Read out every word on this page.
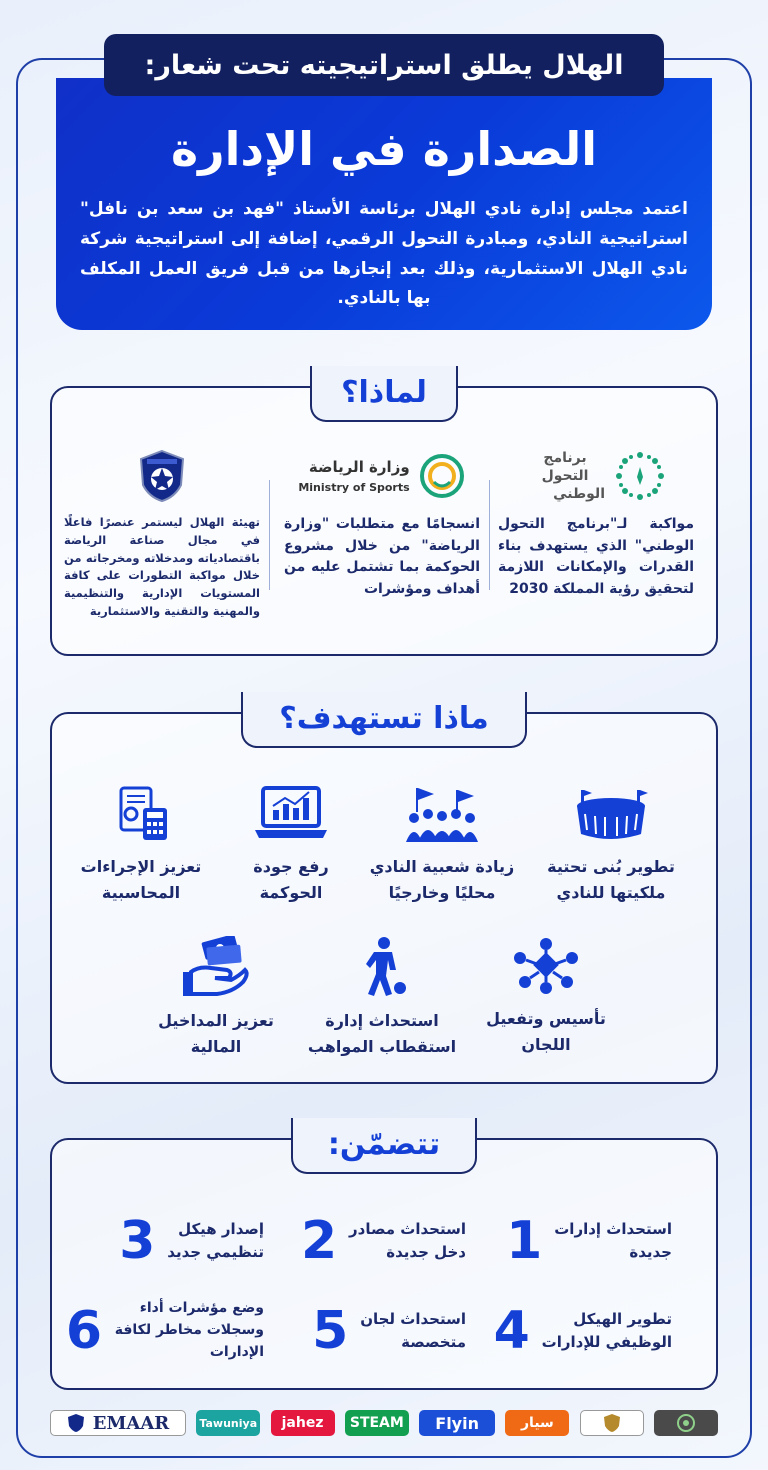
الهلال يطلق استراتيجيته تحت شعار:
الصدارة في الإدارة
اعتمد مجلس إدارة نادي الهلال برئاسة الأستاذ "فهد بن سعد بن نافل" استراتيجية النادي، ومبادرة التحول الرقمي، إضافة إلى استراتيجية شركة نادي الهلال الاستثمارية، وذلك بعد إنجازها من قبل فريق العمل المكلف بها بالنادي.
لماذا؟
برنامج التحول الوطني
مواكبة لـ"برنامج التحول الوطني" الذي يستهدف بناء القدرات والإمكانات اللازمة لتحقيق رؤية المملكة 2030
وزارة الرياضة
Ministry of Sports
انسجامًا مع متطلبات "وزارة الرياضة" من خلال مشروع الحوكمة بما تشتمل عليه من أهداف ومؤشرات
تهيئة الهلال ليستمر عنصرًا فاعلًا في مجال صناعة الرياضة باقتصادياته ومدخلاته ومخرجاته من خلال مواكبة التطورات على كافة المستويات الإدارية والتنظيمية والمهنية والتقنية والاستثمارية
ماذا تستهدف؟
تطوير بُنى تحتية
ملكيتها للنادي
زيادة شعبية النادي
محليًا وخارجيًا
رفع جودة
الحوكمة
تعزيز الإجراءات
المحاسبية
تأسيس وتفعيل
اللجان
استحداث إدارة
استقطاب المواهب
تعزيز المداخيل
المالية
تتضمّن:
استحداث إدارات
جديدة
1
استحداث مصادر
دخل جديدة
2
إصدار هيكل
تنظيمي جديد
3
تطوير الهيكل
الوظيفي للإدارات
4
استحداث لجان
متخصصة
5
وضع مؤشرات أداء
وسجلات مخاطر لكافة الإدارات
6
EMAAR	Tawuniya	jahez	STEAM	Flyin	سيار
